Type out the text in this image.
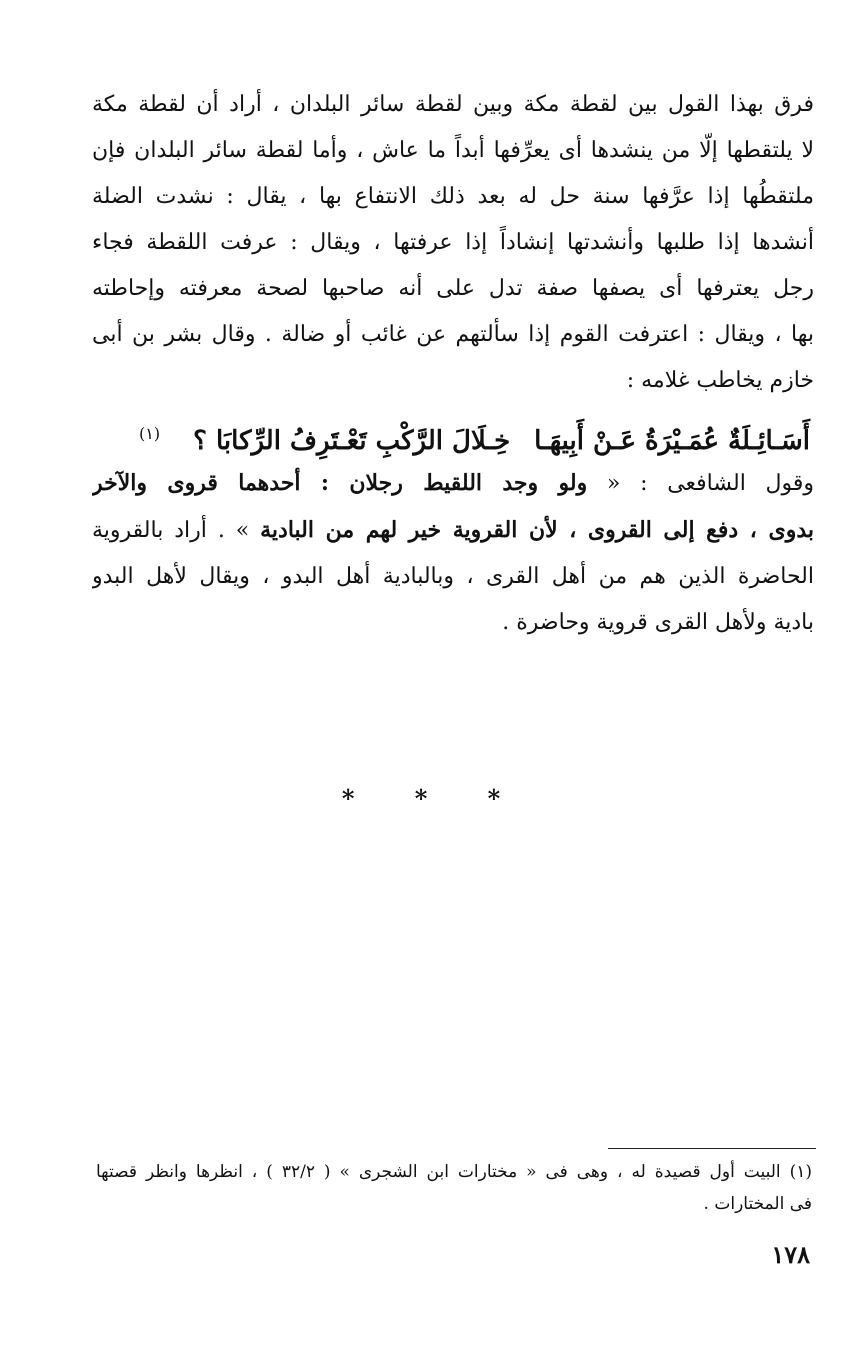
فرق بهذا القول بين لقطة مكة وبين لقطة سائر البلدان ، أراد أن لقطة مكة
لا يلتقطها إلّا من ينشدها أى يعرِّفها أبداً ما عاش ، وأما لقطة سائر البلدان فإن
ملتقطُها إذا عرَّفها سنة حل له بعد ذلك الانتفاع بها ، يقال : نشدت الضلة
أنشدها إذا طلبها وأنشدتها إنشاداً إذا عرفتها ، ويقال : عرفت اللقطة فجاء
رجل يعترفها أى يصفها صفة تدل على أنه صاحبها لصحة معرفته وإحاطته
بها ، ويقال : اعترفت القوم إذا سألتهم عن غائب أو ضالة . وقال بشر بن أبى
خازم يخاطب غلامه :
أَسَـائِـلَةٌ عُمَـيْرَةُ عَـنْ أَبِيهَـاخِـلَالَ الرَّكْبِ تَعْـتَرِفُ الرِّكابَا ؟ $^{(١)}$
وقول الشافعى : « ولو وجد اللقيط رجلان : أحدهما قروى والآخر
بدوى ، دفع إلى القروى ، لأن القروية خير لهم من البادية » . أراد بالقروية
الحاضرة الذين هم من أهل القرى ، وبالبادية أهل البدو ، ويقال لأهل البدو
بادية ولأهل القرى قروية وحاضرة .
* * *
(١) البيت أول قصيدة له ، وهى فى « مختارات ابن الشجرى » ( ٣٢/٢ ) ، انظرها وانظر قصتها
فى المختارات .
١٧٨
